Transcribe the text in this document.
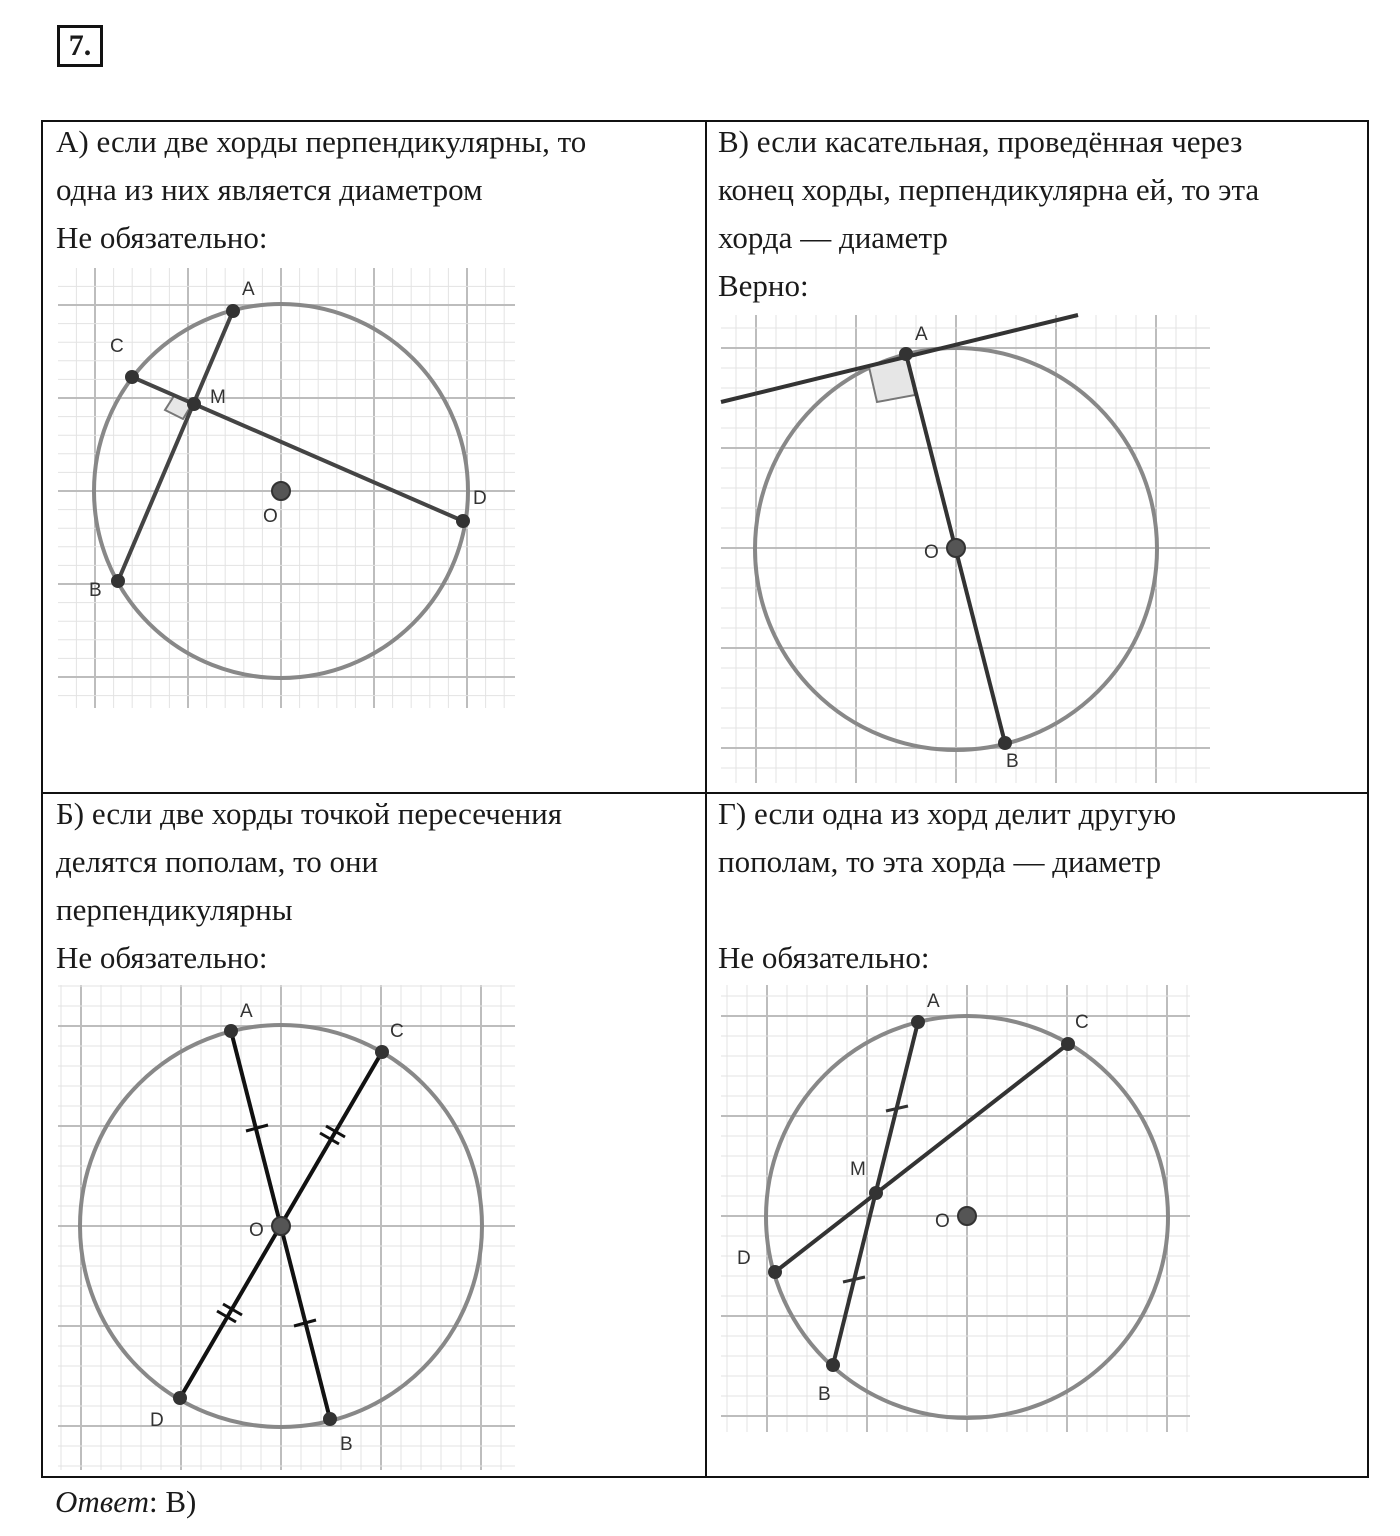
7.
А) если две хорды перпендикулярны, то
одна из них является диаметром
Не обязательно:
В) если касательная, проведённая через
конец хорды, перпендикулярна ей, то эта
хорда — диаметр
Верно:
Б) если две хорды точкой пересечения
делятся пополам, то они
перпендикулярны
Не обязательно:
Г) если одна из хорд делит другую
пополам, то эта хорда — диаметр
Не обязательно:
A
C
M
O
D
B
A
O
B
A
C
O
D
B
A
C
M
O
D
B
Ответ: В)
